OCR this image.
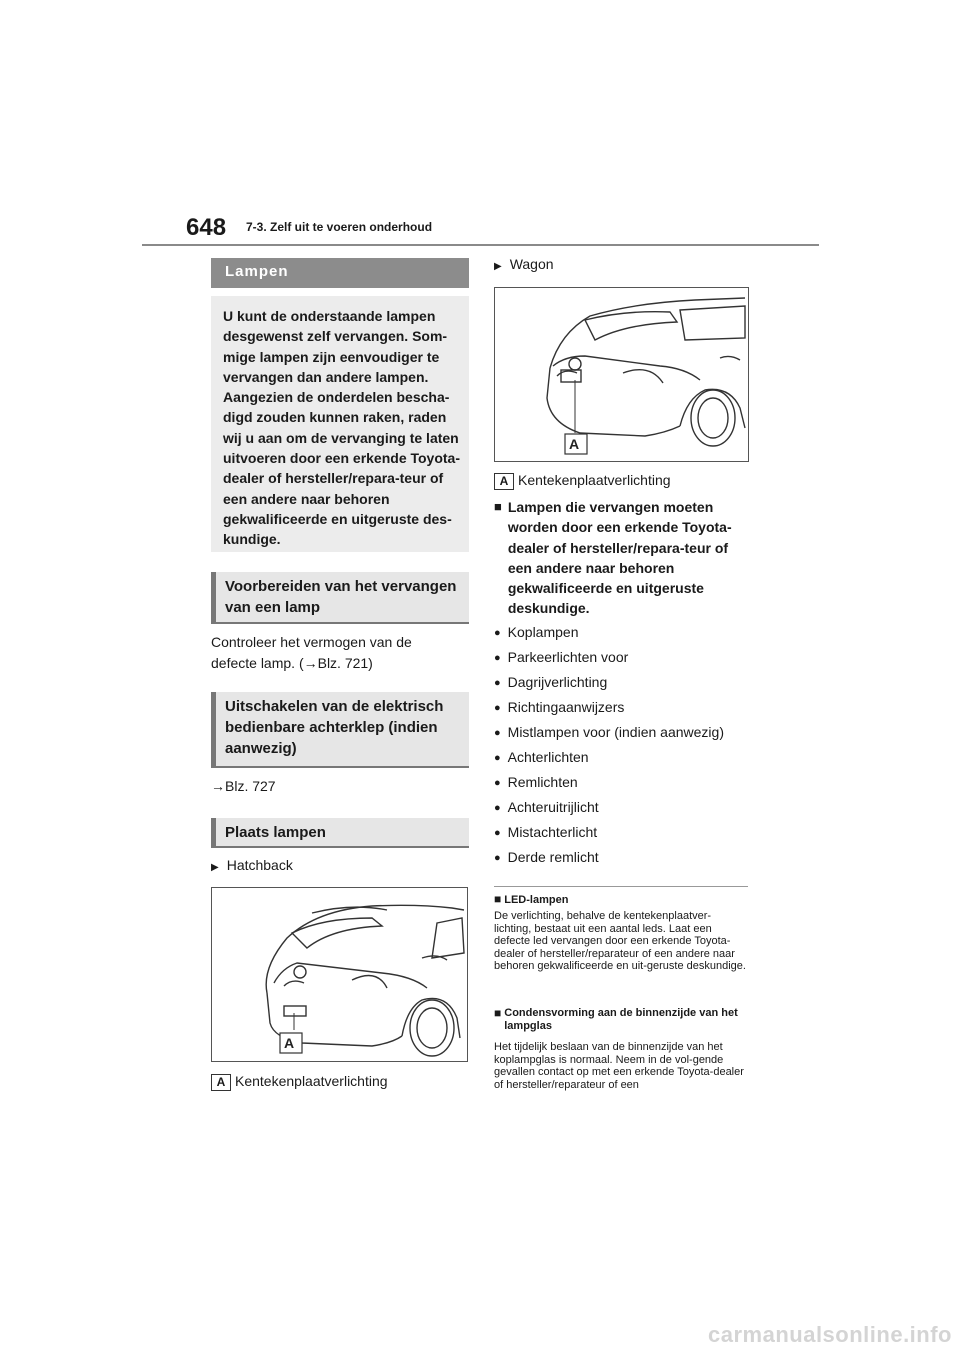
648 7-3. Zelf uit te voeren onderhoud
Lampen
U kunt de onderstaande lampen desgewenst zelf vervangen. Som-mige lampen zijn eenvoudiger te vervangen dan andere lampen. Aangezien de onderdelen bescha-digd zouden kunnen raken, raden wij u aan om de vervanging te laten uitvoeren door een erkende Toyota-dealer of hersteller/repara-teur of een andere naar behoren gekwalificeerde en uitgeruste des-kundige.
Voorbereiden van het vervangen van een lamp
Controleer het vermogen van de defecte lamp. (→Blz. 721)
Uitschakelen van de elektrisch bedienbare achterklep (indien aanwezig)
→Blz. 727
Plaats lampen
▶ Hatchback
A
A Kentekenplaatverlichting
▶ Wagon
A
A Kentekenplaatverlichting
■ Lampen die vervangen moeten worden door een erkende Toyota-dealer of hersteller/repara-teur of een andere naar behoren gekwalificeerde en uitgeruste deskundige.
● Koplampen
● Parkeerlichten voor
● Dagrijverlichting
● Richtingaanwijzers
● Mistlampen voor (indien aanwezig)
● Achterlichten
● Remlichten
● Achteruitrijlicht
● Mistachterlicht
● Derde remlicht
■ LED-lampen
De verlichting, behalve de kentekenplaatver-lichting, bestaat uit een aantal leds. Laat een defecte led vervangen door een erkende Toyota-dealer of hersteller/reparateur of een andere naar behoren gekwalificeerde en uit-geruste deskundige.
■ Condensvorming aan de binnenzijde van het lampglas
Het tijdelijk beslaan van de binnenzijde van het koplampglas is normaal. Neem in de vol-gende gevallen contact op met een erkende Toyota-dealer of hersteller/reparateur of een
carmanualsonline.info
